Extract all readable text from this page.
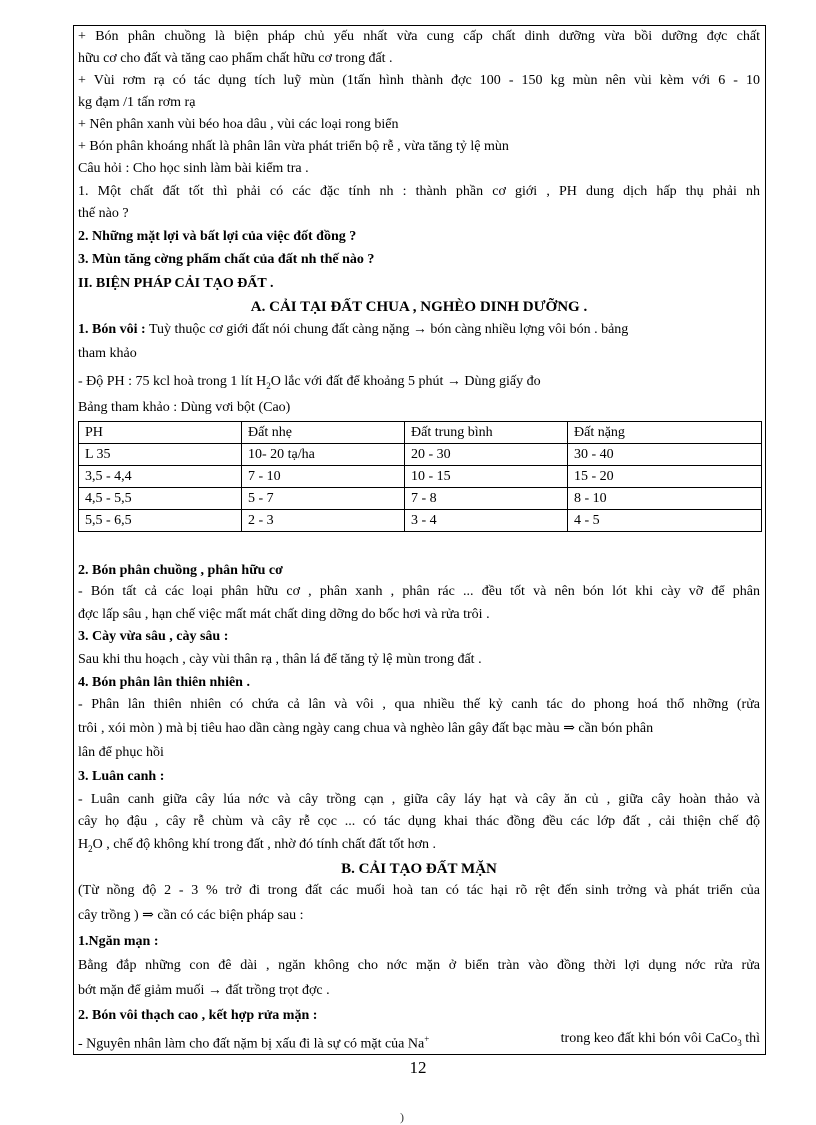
+ Bón phân chuồng là biện pháp chủ yếu nhất vừa cung cấp chất dinh dưỡng vừa bồi dưỡng đợc chất
hữu cơ cho đất và tăng cao phẩm chất hữu cơ trong đất .
+ Vùi rơm rạ có tác dụng tích luỹ mùn (1tấn hình thành đợc 100 - 150 kg mùn nên vùi kèm với 6 - 10
kg đạm /1 tấn rơm rạ
+ Nên phân xanh vùi béo hoa dâu , vùi các loại rong biển
+ Bón phân khoáng nhất là phân lân vừa phát triển bộ rễ , vừa tăng tỷ lệ mùn
Câu hỏi : Cho học sinh làm bài kiểm tra .
1. Một chất đất tốt thì phải có các đặc tính nh : thành phần cơ giới , PH dung dịch hấp thụ phải nh
thế nào ?
2. Những mặt lợi và bất lợi của việc đốt đồng ?
3. Mùn tăng cờng phẩm chất của đất nh thế nào ?
II. BIỆN PHÁP CẢI TẠO ĐẤT .
A. CẢI TẠI ĐẤT CHUA , NGHÈO DINH DƯỠNG .
1. Bón vôi : Tuỳ thuộc cơ giới đất nói chung đất càng nặng → bón càng nhiều lợng vôi bón . bảng
tham khảo
- Độ PH : 75 kcl hoà trong 1 lít $H_2O$ lắc với đất để khoảng 5 phút → Dùng giấy đo
Bảng tham khảo : Dùng vơi bột (Cao)
PH	Đất nhẹ	Đất trung bình	Đất nặng
L 35	10- 20 tạ/ha	20 - 30	30 - 40
3,5 - 4,4	7 - 10	10 - 15	15 - 20
4,5 - 5,5	5 - 7	7 - 8	8 - 10
5,5 - 6,5	2 - 3	3 - 4	4 - 5
2. Bón phân chuồng , phân hữu cơ
- Bón tất cả các loại phân hữu cơ , phân xanh , phân rác ... đều tốt và nên bón lót khi cày vỡ để phân
đợc lấp sâu , hạn chế việc mất mát chất ding dỡng do bốc hơi và rửa trôi .
3. Cày vừa sâu , cày sâu :
Sau khi thu hoạch , cày vùi thân rạ , thân lá để tăng tỷ lệ mùn trong đất .
4. Bón phân lân thiên nhiên .
- Phân lân thiên nhiên có chứa cả lân và vôi , qua nhiều thế kỷ canh tác do phong hoá thổ nhỡng (rửa
trôi , xói mòn ) mà bị tiêu hao dần càng ngày cang chua và nghèo lân gây đất bạc màu ⇒ cần bón phân
lân để phục hồi
3. Luân canh :
- Luân canh giữa cây lúa nớc và cây trồng cạn , giữa cây láy hạt và cây ăn củ , giữa cây hoàn thảo và
cây họ đậu , cây rễ chùm và cây rễ cọc ... có tác dụng khai thác đồng đều các lớp đất , cải thiện chế độ
$H_2O$ , chế độ không khí trong đất , nhờ đó tính chất đất tốt hơn .
B. CẢI TẠO ĐẤT MẶN
(Từ nồng độ 2 - 3 % trở đi trong đất các muối hoà tan có tác hại rõ rệt đến sinh trởng và phát triển của
cây trồng ) ⇒ cần có các biện pháp sau :
1.Ngăn mạn :
Bằng đắp những con đê dài , ngăn không cho nớc mặn ở biển tràn vào đồng thời lợi dụng nớc rửa rửa
bớt mặn để giảm muối → đất trồng trọt đợc .
2. Bón vôi thạch cao , kết hợp rửa mặn :
- Nguyên nhân làm cho đất nặm bị xấu đi là sự có mặt của Na+	trong keo đất khi bón vôi CaCo$_3$ thì
12
)
